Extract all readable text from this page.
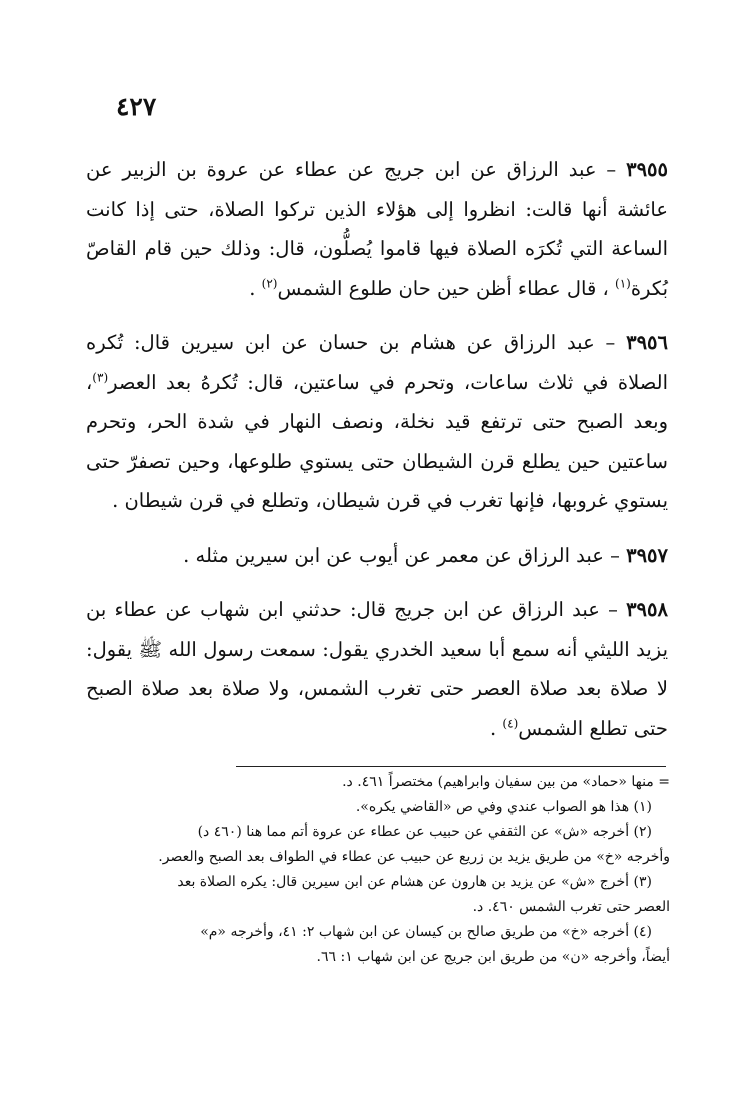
٤٢٧

٣٩٥٥ – عبد الرزاق عن ابن جريج عن عطاء عن عروة بن الزبير عن عائشة أنها قالت: انظروا إلى هؤلاء الذين تركوا الصلاة، حتى إذا كانت الساعة التي تُكرَه الصلاة فيها قاموا يُصلُّون، قال: وذلك حين قام القاصّ بُكرة$^{(١)}$ ، قال عطاء أظن حين حان طلوع الشمس$^{(٢)}$ .

٣٩٥٦ – عبد الرزاق عن هشام بن حسان عن ابن سيرين قال: تُكره الصلاة في ثلاث ساعات، وتحرم في ساعتين، قال: تُكرهُ بعد العصر$^{(٣)}$، وبعد الصبح حتى ترتفع قيد نخلة، ونصف النهار في شدة الحر، وتحرم ساعتين حين يطلع قرن الشيطان حتى يستوي طلوعها، وحين تصفرّ حتى يستوي غروبها، فإنها تغرب في قرن شيطان، وتطلع في قرن شيطان .

٣٩٥٧ – عبد الرزاق عن معمر عن أيوب عن ابن سيرين مثله .

٣٩٥٨ – عبد الرزاق عن ابن جريج قال: حدثني ابن شهاب عن عطاء بن يزيد الليثي أنه سمع أبا سعيد الخدري يقول: سمعت رسول الله ﷺ يقول: لا صلاة بعد صلاة العصر حتى تغرب الشمس، ولا صلاة بعد صلاة الصبح حتى تطلع الشمس$^{(٤)}$ .

= منها «حماد» من بين سفيان وابراهيم) مختصراً ٤٦١. د.

(١) هذا هو الصواب عندي وفي ص «القاضي يكره».

(٢) أخرجه «ش» عن الثقفي عن حبيب عن عطاء عن عروة أتم مما هنا (٤٦٠ د)

وأخرجه «خ» من طريق يزيد بن زريع عن حبيب عن عطاء في الطواف بعد الصبح والعصر.

(٣) أخرج «ش» عن يزيد بن هارون عن هشام عن ابن سيرين قال: يكره الصلاة بعد

العصر حتى تغرب الشمس ٤٦٠. د.

(٤) أخرجه «خ» من طريق صالح بن كيسان عن ابن شهاب ٢: ٤١، وأخرجه «م»

أيضاً، وأخرجه «ن» من طريق ابن جريج عن ابن شهاب ١: ٦٦.
